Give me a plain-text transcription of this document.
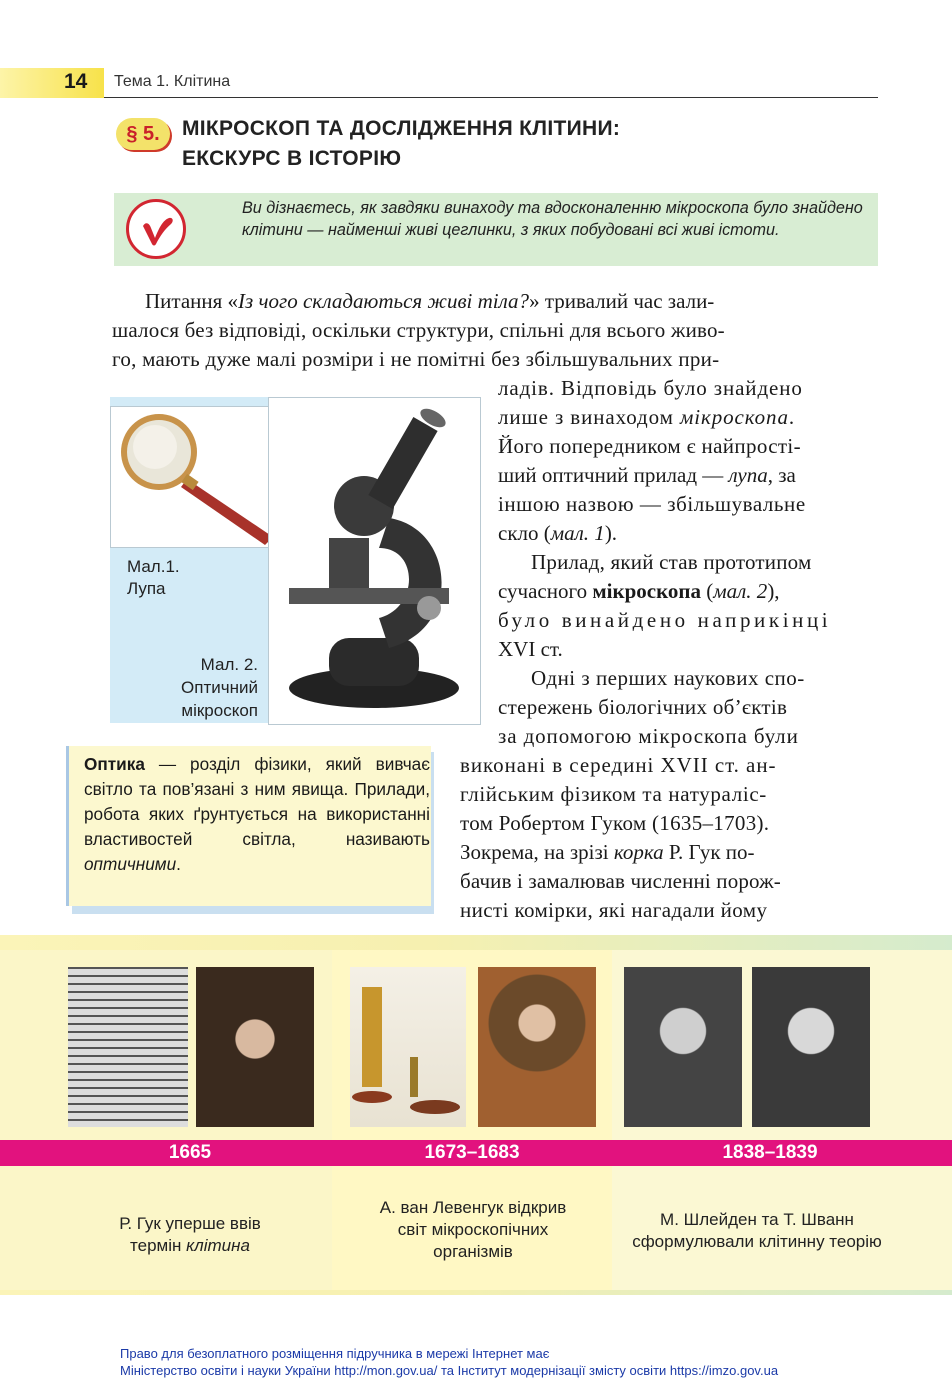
14 Тема 1. Клітина
§ 5.	МІКРОСКОП ТА ДОСЛІДЖЕННЯ КЛІТИНИ:
ЕКСКУРС В ІСТОРІЮ
Ви дізнаєтесь, як завдяки винаходу та вдосконаленню мікроскопа було знайдено клітини — найменші живі цеглинки, з яких побудовані всі живі істоти.
Питання «Із чого складаються живі тіла?» тривалий час зали-
шалося без відповіді, оскільки структури, спільні для всього живо-
го, мають дуже малі розміри і не помітні без збільшувальних при-
ладів. Відповідь було знайдено
лише з винаходом мікроскопа.
Його попередником є найпрості-
ший оптичний прилад — лупа, за
іншою назвою — збільшувальне
скло (мал. 1).
Прилад, який став прототипом
сучасного мікроскопа (мал. 2),
було винайдено наприкінці
XVI ст.
Одні з перших наукових спо-
стережень біологічних об’єктів
за допомогою мікроскопа були
виконані в середині XVII ст. ан-
глійським фізиком та натураліс-
том Робертом Гуком (1635–1703).
Зокрема, на зрізі корка Р. Гук по-
бачив і замалював численні порож-
нисті комірки, які нагадали йому
Мал.1.
Лупа
Мал. 2.
Оптичний
мікроскоп
Оптика — розділ фізики, який вивчає світло та пов’язані з ним явища. Прилади, робота яких ґрунтується на використанні властивостей світла, називають оптичними.
1665	1673–1683	1838–1839
Р. Гук уперше ввів
термін клітина
А. ван Левенгук відкрив
світ мікроскопічних
організмів
М. Шлейден та Т. Шванн
сформулювали клітинну теорію
Право для безоплатного розміщення підручника в мережі Інтернет має
Міністерство освіти і науки України http://mon.gov.ua/ та Інститут модернізації змісту освіти https://imzo.gov.ua
